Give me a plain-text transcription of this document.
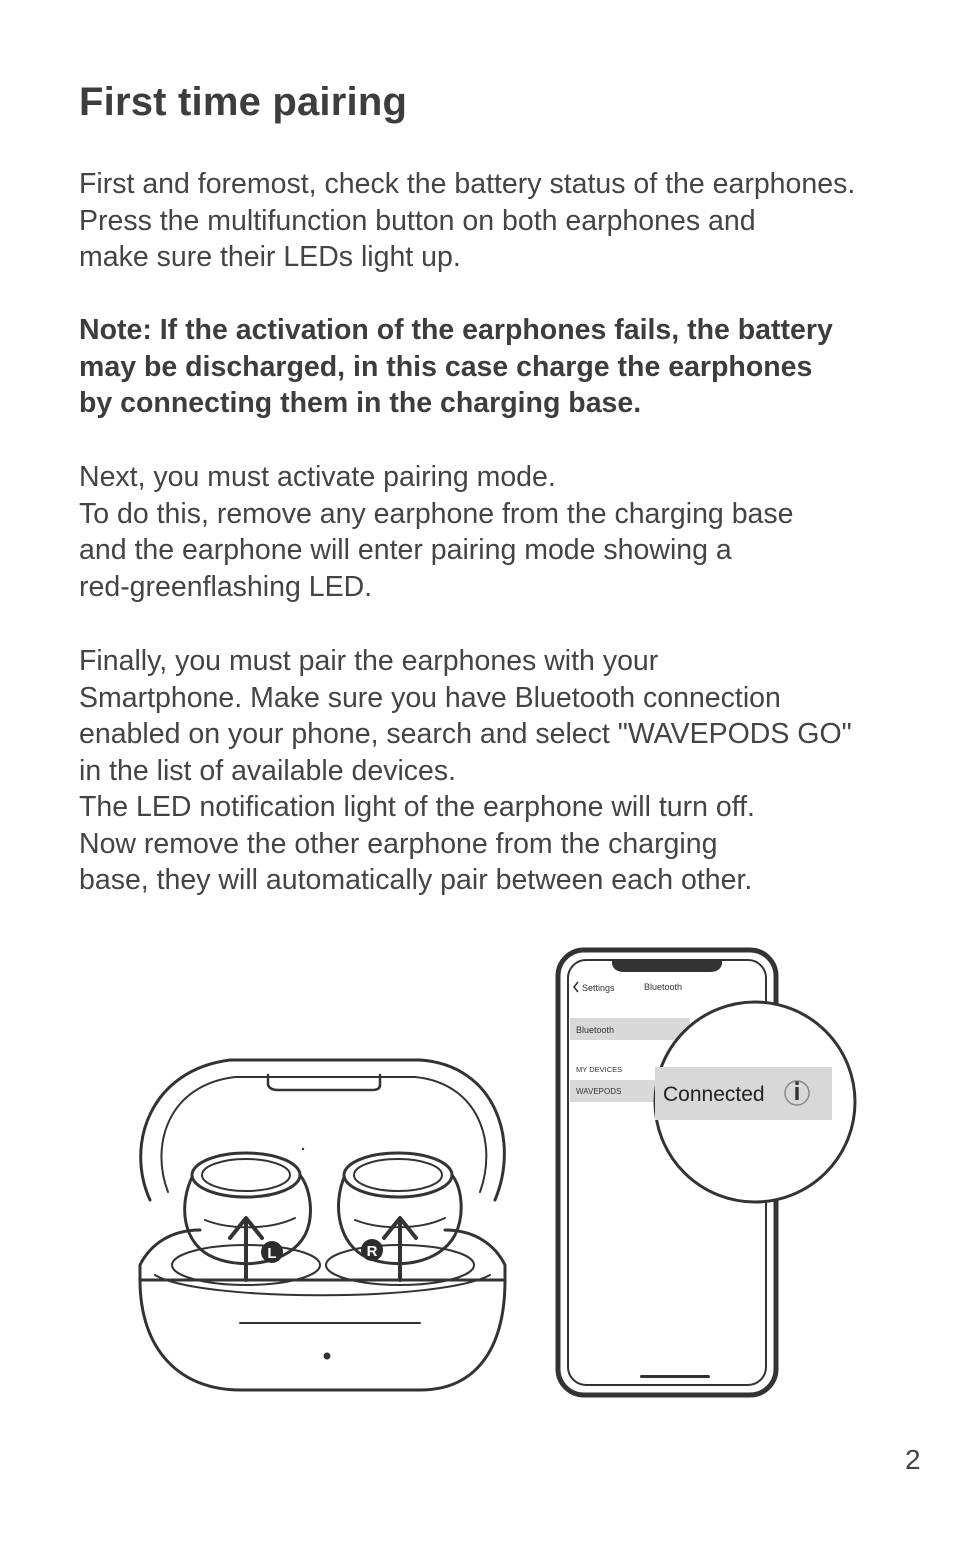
First time pairing

First and foremost, check the battery status of the earphones.
Press the multifunction button on both earphones and
make sure their LEDs light up.

Note: If the activation of the earphones fails, the battery
may be discharged, in this case charge the earphones
by connecting them in the charging base.

Next, you must activate pairing mode.
To do this, remove any earphone from the charging base
and the earphone will enter pairing mode showing a
red-greenflashing LED.

Finally, you must pair the earphones with your
Smartphone. Make sure you have Bluetooth connection
enabled on your phone, search and select "WAVEPODS GO"
in the list of available devices.
The LED notification light of the earphone will turn off.
Now remove the other earphone from the charging
base, they will automatically pair between each other.

L	R
Settings	Bluetooth
Bluetooth
MY DEVICES
WAVEPODS Connected
2
